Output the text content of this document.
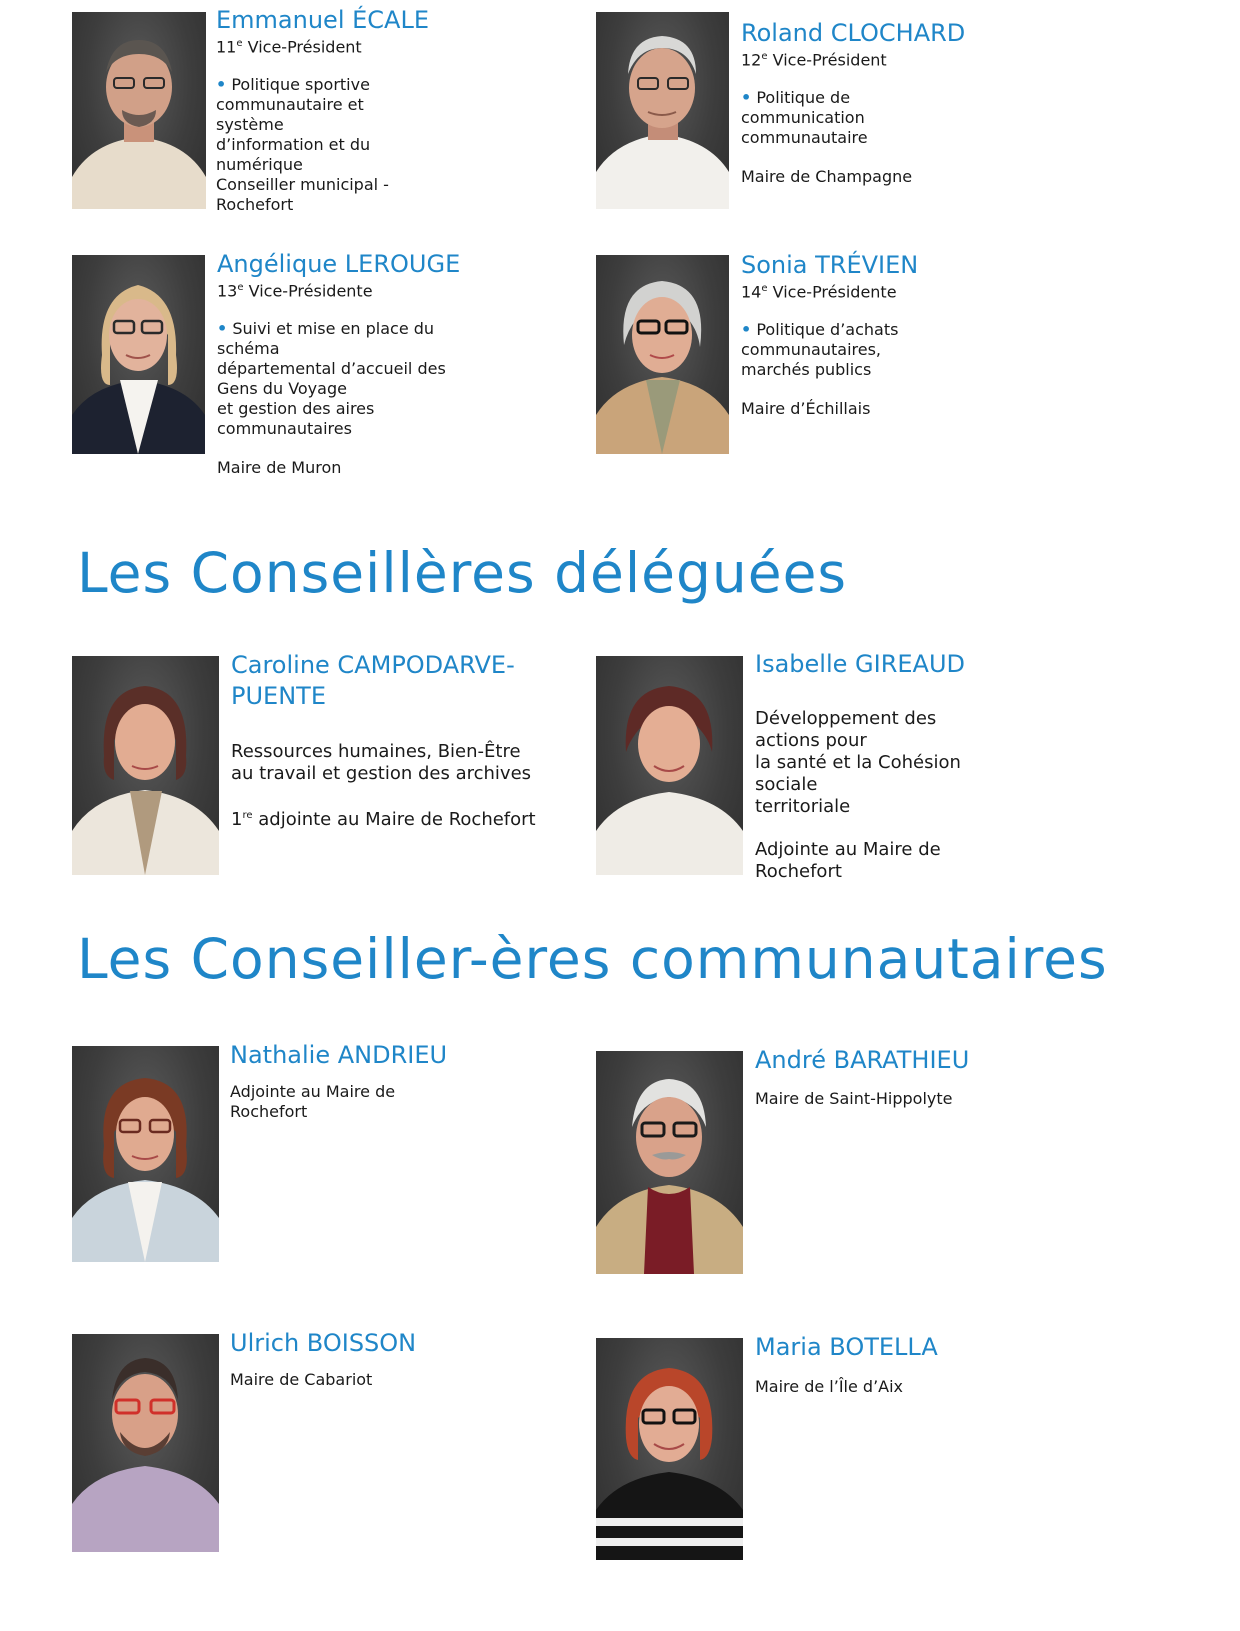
Emmanuel ÉCALE
11e Vice-Président
• Politique sportive
communautaire et système
d’information et du numérique
Conseiller municipal - Rochefort
Roland CLOCHARD
12e Vice-Président
• Politique de communication
communautaire
Maire de Champagne
Angélique LEROUGE
13e Vice-Présidente
• Suivi et mise en place du schéma
départemental d’accueil des Gens du Voyage
et gestion des aires communautaires
Maire de Muron
Sonia TRÉVIEN
14e Vice-Présidente
• Politique d’achats communautaires,
marchés publics
Maire d’Échillais
Les Conseillères déléguées
Caroline CAMPODARVE-PUENTE
Ressources humaines, Bien-Être
au travail et gestion des archives
1re adjointe au Maire de Rochefort
Isabelle GIREAUD
Développement des actions pour
la santé et la Cohésion sociale
territoriale
Adjointe au Maire de Rochefort
Les Conseiller-ères communautaires
Nathalie ANDRIEU
Adjointe au Maire de Rochefort
André BARATHIEU
Maire de Saint-Hippolyte
Ulrich BOISSON
Maire de Cabariot
Maria BOTELLA
Maire de l’Île d’Aix
